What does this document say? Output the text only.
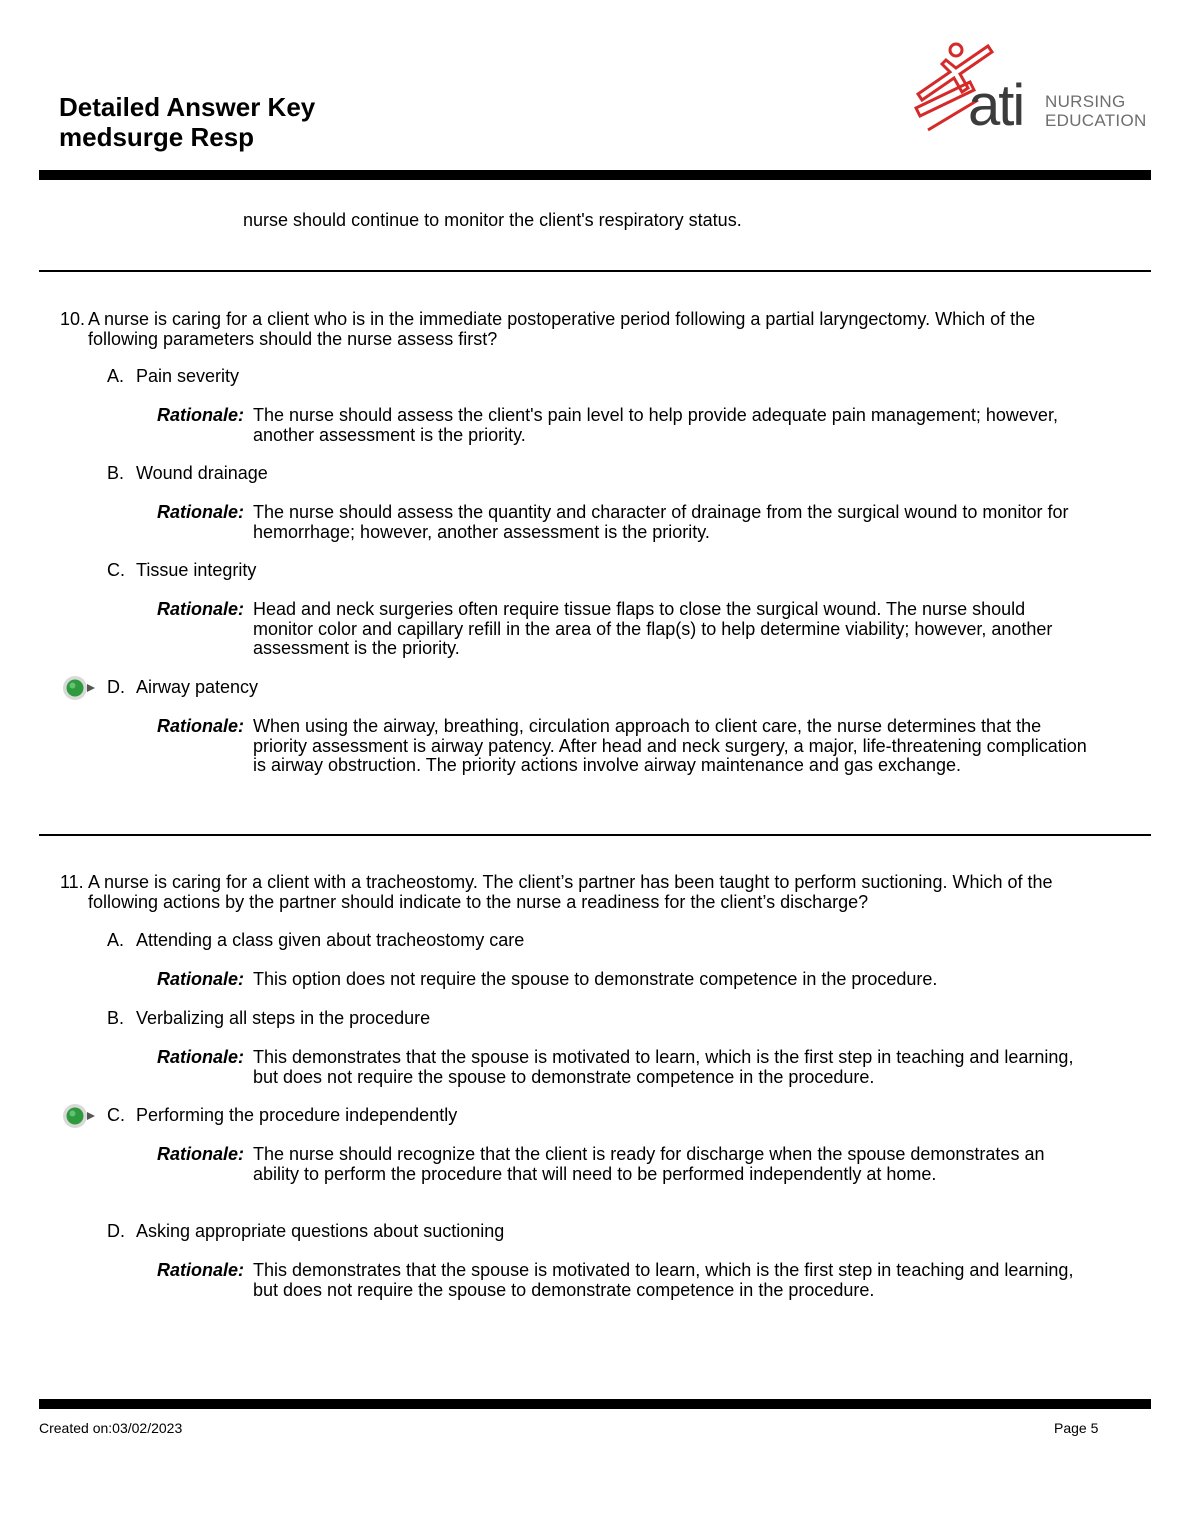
Detailed Answer Key
medsurge Resp	ati NURSING
EDUCATION
nurse should continue to monitor the client's respiratory status.
10. A nurse is caring for a client who is in the immediate postoperative period following a partial laryngectomy. Which of the following parameters should the nurse assess first?
A. Pain severity
Rationale: The nurse should assess the client's pain level to help provide adequate pain management; however, another assessment is the priority.
B. Wound drainage
Rationale: The nurse should assess the quantity and character of drainage from the surgical wound to monitor for hemorrhage; however, another assessment is the priority.
C. Tissue integrity
Rationale: Head and neck surgeries often require tissue flaps to close the surgical wound. The nurse should monitor color and capillary refill in the area of the flap(s) to help determine viability; however, another assessment is the priority.
D. Airway patency
Rationale: When using the airway, breathing, circulation approach to client care, the nurse determines that the priority assessment is airway patency. After head and neck surgery, a major, life-threatening complication is airway obstruction. The priority actions involve airway maintenance and gas exchange.
11. A nurse is caring for a client with a tracheostomy. The client’s partner has been taught to perform suctioning. Which of the following actions by the partner should indicate to the nurse a readiness for the client’s discharge?
A. Attending a class given about tracheostomy care
Rationale: This option does not require the spouse to demonstrate competence in the procedure.
B. Verbalizing all steps in the procedure
Rationale: This demonstrates that the spouse is motivated to learn, which is the first step in teaching and learning, but does not require the spouse to demonstrate competence in the procedure.
C. Performing the procedure independently
Rationale: The nurse should recognize that the client is ready for discharge when the spouse demonstrates an ability to perform the procedure that will need to be performed independently at home.
D. Asking appropriate questions about suctioning
Rationale: This demonstrates that the spouse is motivated to learn, which is the first step in teaching and learning, but does not require the spouse to demonstrate competence in the procedure.
Created on:03/02/2023	Page 5
